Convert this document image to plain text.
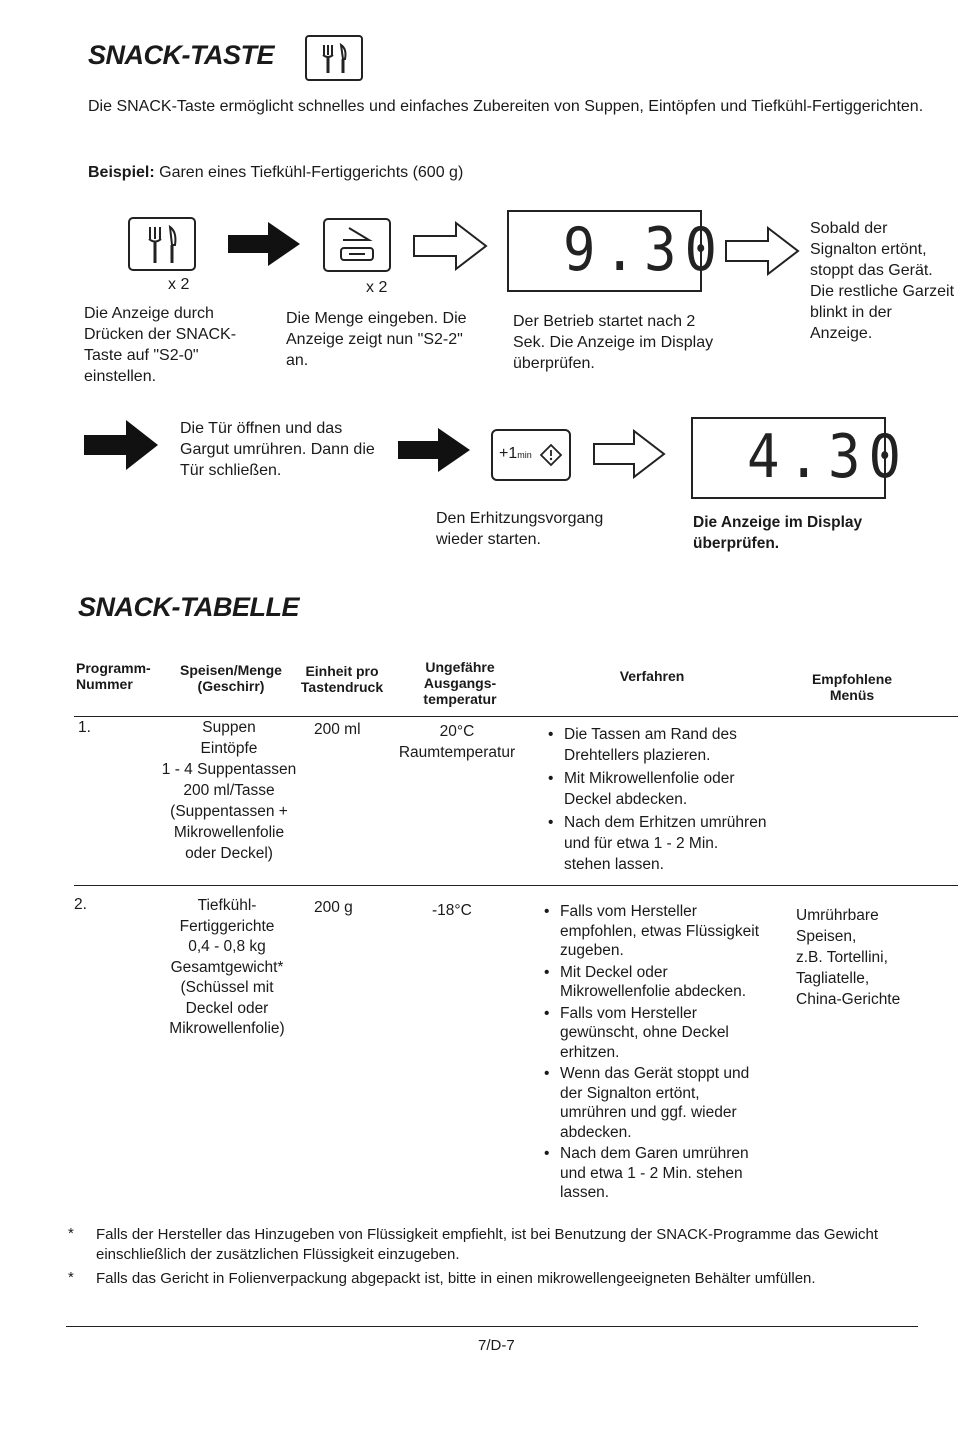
SNACK-TASTE
Die SNACK-Taste ermöglicht schnelles und einfaches Zubereiten von Suppen, Eintöpfen und Tiefkühl-Fertiggerichten.
Beispiel: Garen eines Tiefkühl-Fertiggerichts (600 g)
x 2	x 2
9.30	Sobald der Signalton ertönt, stoppt das Gerät. Die restliche Garzeit blinkt in der Anzeige.
Die Anzeige durch Drücken der SNACK-Taste auf "S2-0" einstellen.
Die Menge eingeben. Die Anzeige zeigt nun "S2-2" an.
Der Betrieb startet nach 2 Sek. Die Anzeige im Display überprüfen.
Die Tür öffnen und das Gargut umrühren. Dann die Tür schließen.
+1min	4.30
Den Erhitzungsvorgang wieder starten.
Die Anzeige im Display überprüfen.
SNACK-TABELLE
Programm-
Nummer
Speisen/Menge
(Geschirr)
Einheit pro
Tastendruck
Ungefähre
Ausgangs-
temperatur
Verfahren	Empfohlene
Menüs
1.	Suppen
Eintöpfe
1 - 4 Suppentassen
200 ml/Tasse
(Suppentassen +
Mikrowellenfolie
oder Deckel)
200 ml	20°C
Raumtemperatur
• Die Tassen am Rand des Drehtellers plazieren.
• Mit Mikrowellenfolie oder Deckel abdecken.
• Nach dem Erhitzen umrühren und für etwa 1 - 2 Min. stehen lassen.
2.	Tiefkühl-
Fertiggerichte
0,4 - 0,8 kg
Gesamtgewicht*
(Schüssel mit
Deckel oder
Mikrowellenfolie)
200 g	-18°C
•	Falls vom Hersteller empfohlen, etwas Flüssigkeit zugeben.
• Mit Deckel oder Mikrowellenfolie abdecken.
• Falls vom Hersteller gewünscht, ohne Deckel erhitzen.
• Wenn das Gerät stoppt und der Signalton ertönt, umrühren und ggf. wieder abdecken.
• Nach dem Garen umrühren und etwa 1 - 2 Min. stehen lassen.
Umrührbare
Speisen,
z.B. Tortellini,
Tagliatelle,
China-Gerichte
* Falls der Hersteller das Hinzugeben von Flüssigkeit empfiehlt, ist bei Benutzung der SNACK-Programme das Gewicht einschließlich der zusätzlichen Flüssigkeit einzugeben.
* Falls das Gericht in Folienverpackung abgepackt ist, bitte in einen mikrowellengeeigneten Behälter umfüllen.
7/D-7
